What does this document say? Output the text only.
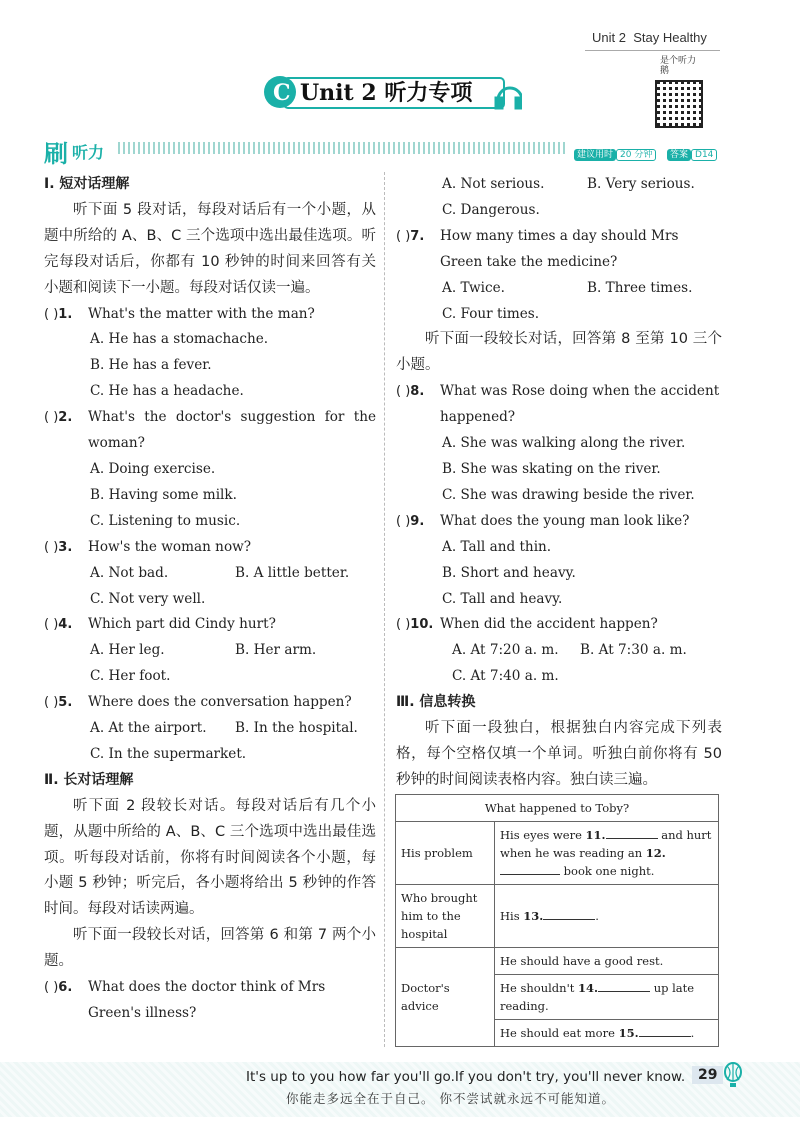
Unit 2 Stay Healthy
C Unit 2 听力专项
是个听力鹅
刷 听力	建议用时 20 分钟	答案 D14
Ⅰ. 短对话理解
听下面 5 段对话，每段对话后有一个小题，从题中所给的 A、B、C 三个选项中选出最佳选项。听完每段对话后，你都有 10 秒钟的时间来回答有关小题和阅读下一小题。每段对话仅读一遍。
( )1.	What's the matter with the man?
A. He has a stomachache.
B. He has a fever.
C. He has a headache.
( )2.	What's the doctor's suggestion for the woman?
A. Doing exercise.
B. Having some milk.
C. Listening to music.
( )3.	How's the woman now?
A. Not bad.	B. A little better.
C. Not very well.
( )4.	Which part did Cindy hurt?
A. Her leg.	B. Her arm.
C. Her foot.
( )5.	Where does the conversation happen?
A. At the airport.	B. In the hospital.
C. In the supermarket.
Ⅱ. 长对话理解
听下面 2 段较长对话。每段对话后有几个小题，从题中所给的 A、B、C 三个选项中选出最佳选项。听每段对话前，你将有时间阅读各个小题，每小题 5 秒钟；听完后，各小题将给出 5 秒钟的作答时间。每段对话读两遍。
听下面一段较长对话，回答第 6 和第 7 两个小题。
( )6.	What does the doctor think of Mrs Green's illness?
A. Not serious.	B. Very serious.
C. Dangerous.
( )7.	How many times a day should Mrs Green take the medicine?
A. Twice.	B. Three times.
C. Four times.
听下面一段较长对话，回答第 8 至第 10 三个小题。
( )8.	What was Rose doing when the accident happened?
A. She was walking along the river.
B. She was skating on the river.
C. She was drawing beside the river.
( )9.	What does the young man look like?
A. Tall and thin.
B. Short and heavy.
C. Tall and heavy.
( )10. When did the accident happen?
A. At 7:20 a. m.	B. At 7:30 a. m.
C. At 7:40 a. m.
Ⅲ. 信息转换
听下面一段独白，根据独白内容完成下列表格，每个空格仅填一个单词。听独白前你将有 50 秒钟的时间阅读表格内容。独白读三遍。
What happened to Toby?	
His problem	His eyes were 11. and hurt when he was reading an 12. book one night.
Who brought him to the hospital	His 13. .
Doctor's advice	He should have a good rest.
	He shouldn't 14. up late reading.
	He should eat more 15. .
It's up to you how far you'll go.If you don't try, you'll never know.
你能走多远全在于自己。 你不尝试就永远不可能知道。
29
